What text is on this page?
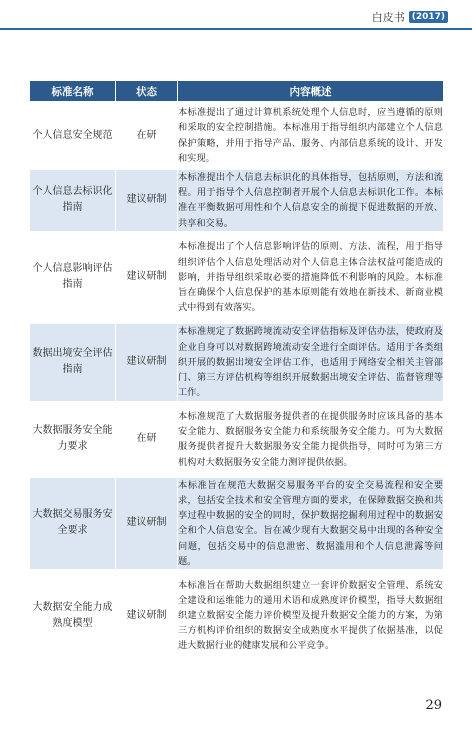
白皮书 (2017)
标准名称	状态	内容概述
个人信息安全规范	在研	本标准提出了通过计算机系统处理个人信息时，应当遵循的原则和采取的安全控制措施。本标准用于指导组织内部建立个人信息保护策略，并用于指导产品、服务、内部信息系统的设计、开发和实现。
个人信息去标识化指南	建议研制	本标准提出个人信息去标识化的具体指导，包括原则，方法和流程。用于指导个人信息控制者开展个人信息去标识化工作。本标准在平衡数据可用性和个人信息安全的前提下促进数据的开放、共享和交易。
个人信息影响评估指南	建议研制	本标准提出了个人信息影响评估的原则、方法、流程，用于指导组织评估个人信息处理活动对个人信息主体合法权益可能造成的影响，并指导组织采取必要的措施降低不利影响的风险。本标准旨在确保个人信息保护的基本原则能有效地在新技术、新商业模式中得到有效落实。
数据出境安全评估指南	建议研制	本标准规定了数据跨境流动安全评估指标及评估办法，使政府及企业自身可以对数据跨境流动安全进行全面评估。适用于各类组织开展的数据出境安全评估工作，也适用于网络安全相关主管部门、第三方评估机构等组织开展数据出境安全评估、监督管理等工作。
大数据服务安全能力要求	在研	本标准规范了大数据服务提供者的在提供服务时应该具备的基本安全能力、数据服务安全能力和系统服务安全能力。可为大数据服务提供者提升大数据服务安全能力提供指导，同时可为第三方机构对大数据服务安全能力测评提供依据。
大数据交易服务安全要求	建议研制	本标准旨在规范大数据交易服务平台的安全交易流程和安全要求，包括安全技术和安全管理方面的要求，在保障数据交换和共享过程中数据的安全的同时，保护数据挖掘利用过程中的数据安全和个人信息安全。旨在减少现有大数据交易中出现的各种安全问题，包括交易中的信息泄密、数据滥用和个人信息泄露等问题。
大数据安全能力成熟度模型	建议研制	本标准旨在帮助大数据组织建立一套评价数据安全管理、系统安全建设和运维能力的通用术语和成熟度评价模型，指导大数据组织建立数据安全能力评价模型及提升数据安全能力的方案，为第三方机构评价组织的数据安全成熟度水平提供了依据基准，以促进大数据行业的健康发展和公平竞争。
29
